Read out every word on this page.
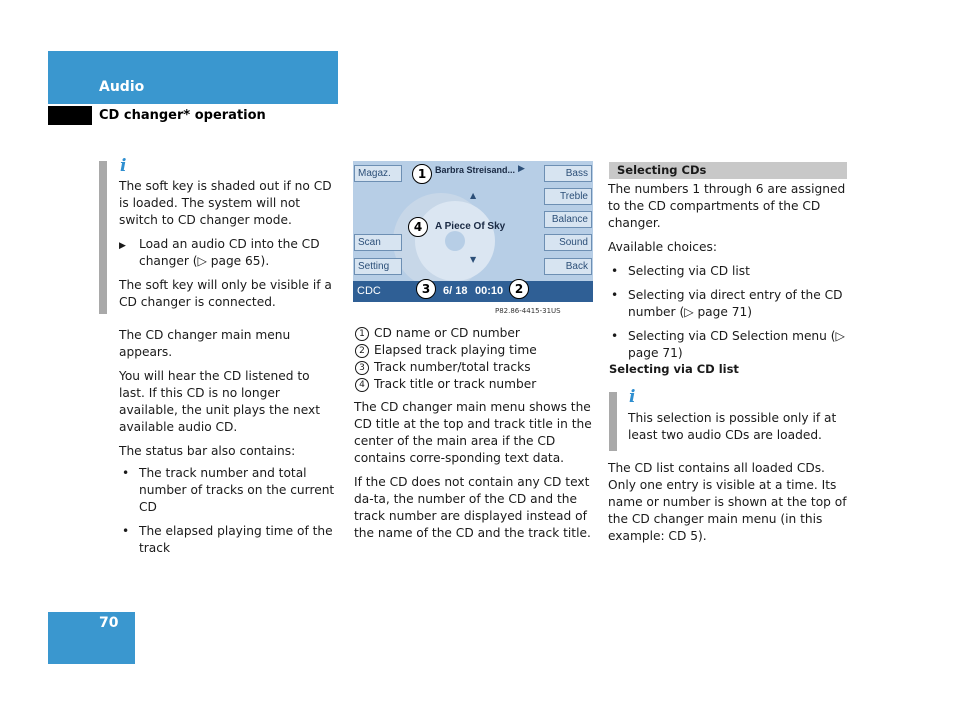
Audio
CD changer* operation
i

The soft key is shaded out if no CD is loaded. The system will not switch to CD changer mode.

▶ Load an audio CD into the CD changer (▷ page 65).

The soft key will only be visible if a CD changer is connected.

The CD changer main menu appears.

You will hear the CD listened to last. If this CD is no longer available, the unit plays the next available audio CD.

The status bar also contains:

• The track number and total number of tracks on the current CD

• The elapsed playing time of the track

Magaz.
Scan
Setting
Bass
Treble
Balance
Sound
Back
Barbra Streisand... ▶
▲
A Piece Of Sky
▼
CDC	6/ 18 00:10
1
4
3	2
P82.86-4415-31US
1 CD name or CD number
2 Elapsed track playing time
3 Track number/total tracks
4 Track title or track number

The CD changer main menu shows the CD title at the top and track title in the center of the main area if the CD contains corre-sponding text data.

If the CD does not contain any CD text da-ta, the number of the CD and the track number are displayed instead of the name of the CD and the track title.

Selecting CDs

The numbers 1 through 6 are assigned to the CD compartments of the CD changer.

Available choices:

• Selecting via CD list

• Selecting via direct entry of the CD number (▷ page 71)

• Selecting via CD Selection menu (▷ page 71)

Selecting via CD list
i
This selection is possible only if at least two audio CDs are loaded.
The CD list contains all loaded CDs. Only one entry is visible at a time. Its name or number is shown at the top of the CD changer main menu (in this example: CD 5).
70
